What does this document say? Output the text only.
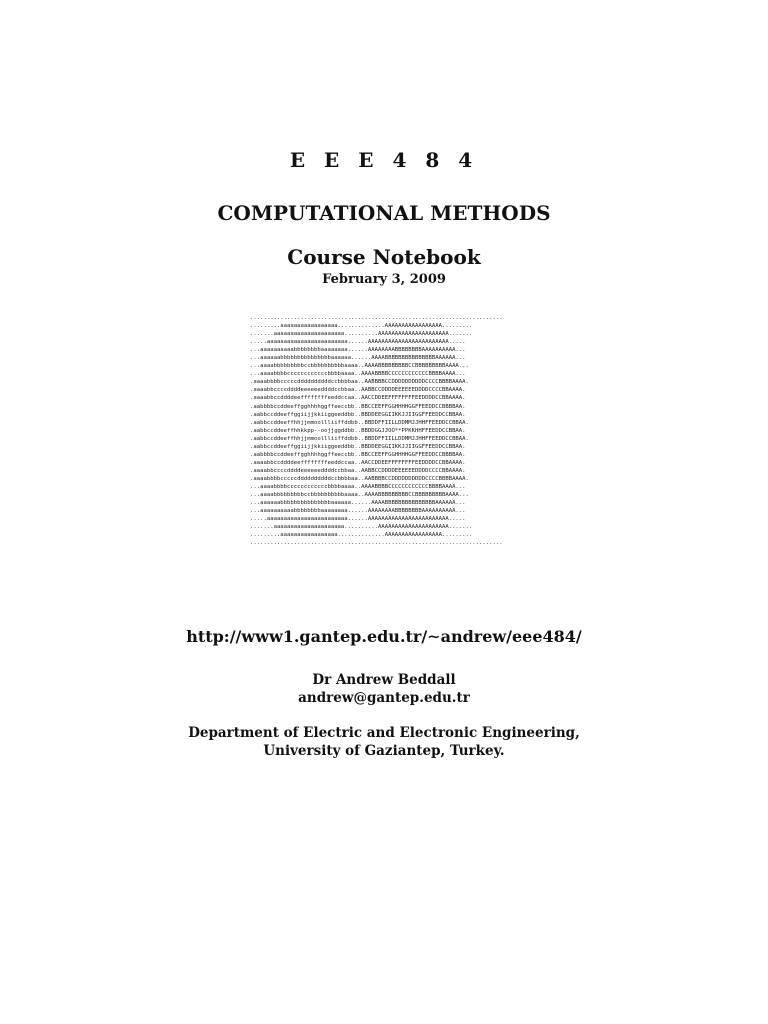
E E E 4 8 4
COMPUTATIONAL METHODS
Course Notebook
February 3, 2009
...........................................................................
.........aaaaaaaaaaaaaaaaa..............AAAAAAAAAAAAAAAAA.........
.......aaaaaaaaaaaaaaaaaaaaa..........AAAAAAAAAAAAAAAAAAAAA.......
.....aaaaaaaaaaaaaaaaaaaaaaaa......AAAAAAAAAAAAAAAAAAAAAAAA.....
...aaaaaaaaaabbbbbbbbaaaaaaaa......AAAAAAAABBBBBBBBAAAAAAAAAA...
...aaaaaabbbbbbbbbbbbbbbaaaaaa......AAAABBBBBBBBBBBBBBBAAAAAA...
...aaaabbbbbbbbbccbbbbbbbbbbaaaa..AAAABBBBBBBBBCCBBBBBBBBBAAAA...
...aaaabbbbccccccccccccbbbbaaaa..AAAABBBBCCCCCCCCCCCCBBBBAAAA...
.aaaabbbbcccccddddddddddccbbbbaa..AABBBBCCDDDDDDDDDDCCCCBBBBAAAA.
.aaaabbccccddddeeeeeeddddccbbaa..AABBCCDDDDEEEEEEDDDDCCCCBBAAAA.
.aaaabbccddddeeffffffffeeddccaa..AACCDDEEFFFFFFFFEEDDDDCCBBAAAA.
.aabbbbccddeeffgghhhhggffeeccbb..BBCCEEFFGGHHHHGGFFEEDDCCBBBBAA.
.aabbccddeeffggiijjkkiiggeeddbb..BBDDEEGGIIKKJJIIGGFFEEDDCCBBAA.
.aabbccddeeffhhjjmmoollliiffddbb..BBDDFFIILLDDMMJJHHFFEEDDCCBBAA.
.aabbccddeeffhhkkpp--oojjggddbb..BBDDGGJJOO**PPKKHHFFEEDDCCBBAA.
.aabbccddeeffhhjjmmoollliiffddbb..BBDDFFIILLDDMMJJHHFFEEDDCCBBAA.
.aabbccddeeffggiijjkkiiggeeddbb..BBDDEEGGIIKKJJIIGGFFEEDDCCBBAA.
.aabbbbccddeeffgghhhhggffeeccbb..BBCCEEFFGGHHHHGGFFEEDDCCBBBBAA.
.aaaabbccddddeeffffffffeeddccaa..AACCDDEEFFFFFFFFEEDDDDCCBBAAAA.
.aaaabbccccddddeeeeeeddddccbbaa..AABBCCDDDDEEEEEEDDDDCCCCBBAAAA.
.aaaabbbbcccccddddddddddccbbbbaa..AABBBBCCDDDDDDDDDDCCCCBBBBAAAA.
...aaaabbbbccccccccccccbbbbaaaa..AAAABBBBCCCCCCCCCCCCBBBBAAAA...
...aaaabbbbbbbbbccbbbbbbbbbbaaaa..AAAABBBBBBBBBCCBBBBBBBBBAAAA...
...aaaaaabbbbbbbbbbbbbbbaaaaaa......AAAABBBBBBBBBBBBBBBAAAAAA...
...aaaaaaaaaabbbbbbbbaaaaaaaa......AAAAAAAABBBBBBBBAAAAAAAAAA...
.....aaaaaaaaaaaaaaaaaaaaaaaa......AAAAAAAAAAAAAAAAAAAAAAAA.....
.......aaaaaaaaaaaaaaaaaaaaa..........AAAAAAAAAAAAAAAAAAAAA.......
.........aaaaaaaaaaaaaaaaa..............AAAAAAAAAAAAAAAAA.........
...........................................................................
http://www1.gantep.edu.tr/∼andrew/eee484/
Dr Andrew Beddall
andrew@gantep.edu.tr
Department of Electric and Electronic Engineering,
University of Gaziantep, Turkey.
